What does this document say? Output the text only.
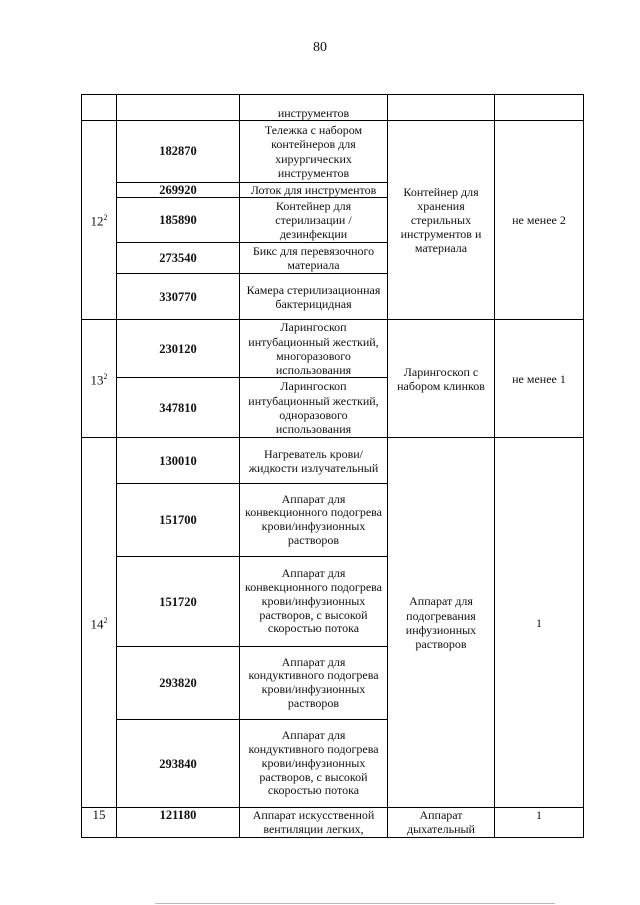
80
		инструментов		
$12^2$	182870	Тележка с набором контейнеров для хирургических инструментов	Контейнер для хранения стерильных инструментов и материала	не менее 2
	269920	Лоток для инструментов		
	185890	Контейнер для стерилизации /дезинфекции		
	273540	Бикс для перевязочного материала		
	330770	Камера стерилизационная бактерицидная		
$13^2$	230120	Ларингоскоп интубационный жесткий, многоразового использования	Ларингоскоп с набором клинков	не менее 1
	347810	Ларингоскоп интубационный жесткий, одноразового использования		
$14^2$	130010	Нагреватель крови/жидкости излучательный	Аппарат для подогревания инфузионных растворов	1
	151700	Аппарат для конвекционного подогрева крови/инфузионных растворов		
	151720	Аппарат для конвекционного подогрева крови/инфузионных растворов, с высокой скоростью потока		
	293820	Аппарат для кондуктивного подогрева крови/инфузионных растворов		
	293840	Аппарат для кондуктивного подогрева крови/инфузионных растворов, с высокой скоростью потока		
15	121180	Аппарат искусственной вентиляции легких,	Аппарат дыхательный	1
